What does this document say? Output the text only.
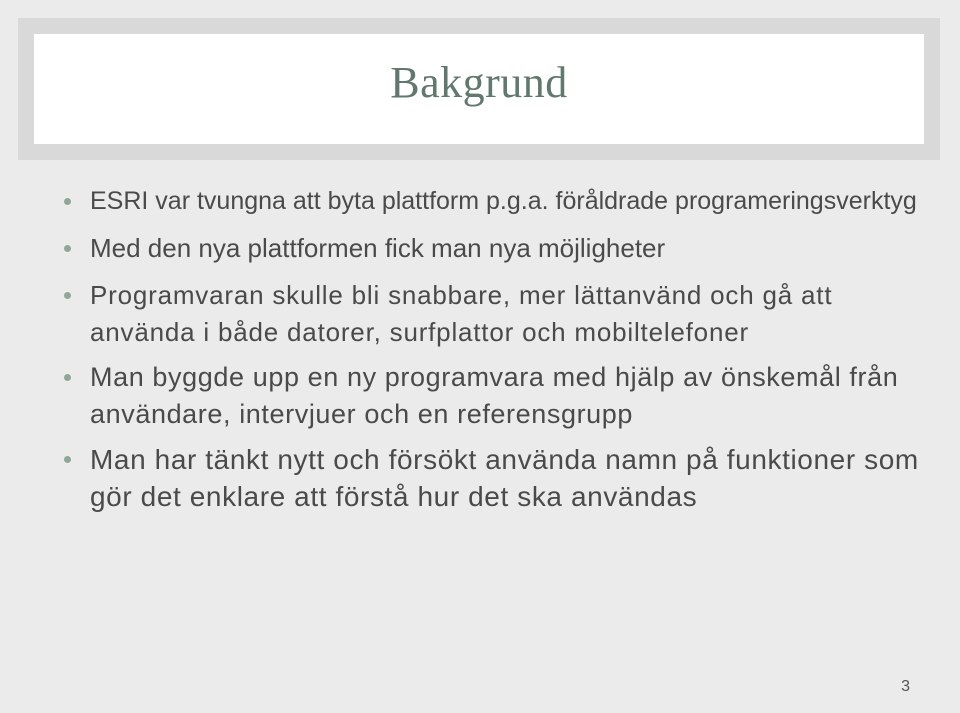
Bakgrund
ESRI var tvungna att byta plattform p.g.a. föråldrade programeringsverktyg
Med den nya plattformen fick man nya möjligheter
Programvaran skulle bli snabbare, mer lättanvänd och gå att använda i både datorer, surfplattor och mobiltelefoner
Man byggde upp en ny programvara med hjälp av önskemål från användare, intervjuer och en referensgrupp
Man har tänkt nytt och försökt använda namn på funktioner som gör det enklare att förstå hur det ska användas
3
